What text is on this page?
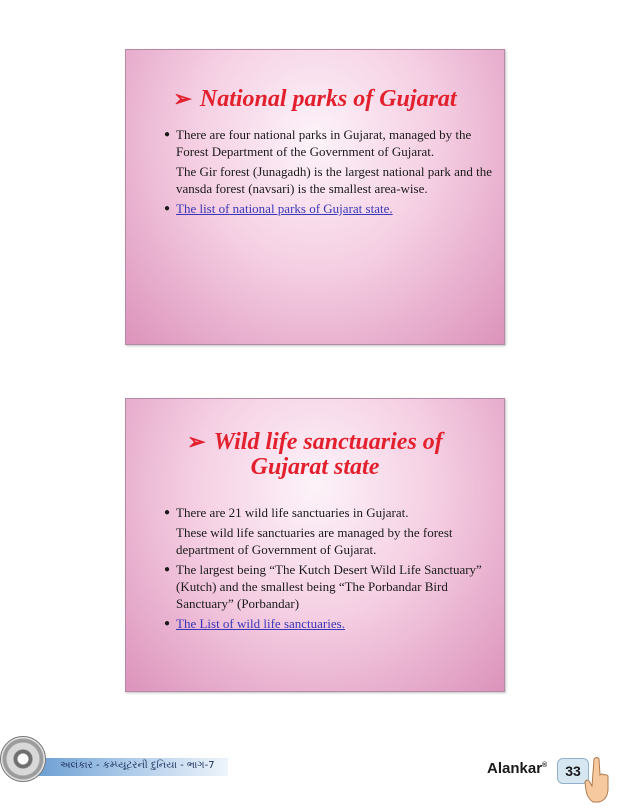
➢ National parks of Gujarat
● There are four national parks in Gujarat, managed by the Forest Department of the Government of Gujarat.

The Gir forest (Junagadh) is the largest national park and the vansda forest (navsari) is the smallest area-wise.

● The list of national parks of Gujarat state.
➢ Wild life sanctuaries of
Gujarat state
● There are 21 wild life sanctuaries in Gujarat.

These wild life sanctuaries are managed by the forest department of Government of Gujarat.

● The largest being “The Kutch Desert Wild Life Sanctuary” (Kutch) and the smallest being “The Porbandar Bird Sanctuary” (Porbandar)

● The List of wild life sanctuaries.
અલંકાર - કમ્પ્યૂટરની દુનિયા - ભાગ-7	Alankar®	33
